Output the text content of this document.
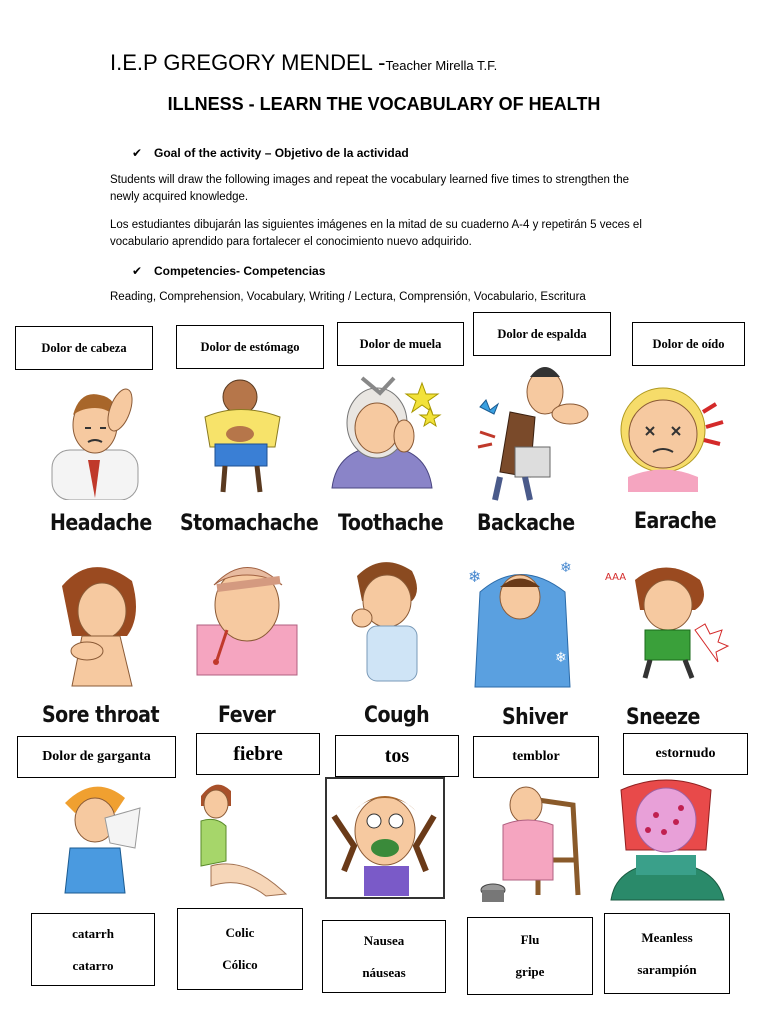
I.E.P GREGORY MENDEL -Teacher Mirella T.F.
ILLNESS - LEARN THE VOCABULARY OF HEALTH
✔ Goal of the activity – Objetivo de la actividad
Students will draw the following images and repeat the vocabulary learned five times to strengthen the newly acquired knowledge.
Los estudiantes dibujarán las siguientes imágenes en la mitad de su cuaderno A-4 y repetirán 5 veces el vocabulario aprendido para fortalecer el conocimiento nuevo adquirido.
✔ Competencies- Competencias
Reading, Comprehension, Vocabulary, Writing / Lectura, Comprensión, Vocabulario, Escritura
Dolor de cabeza	Dolor de estómago	Dolor de muela
Dolor de espalda
Dolor de oído
Headache Stomachache Toothache Backache	Earache
❄	❄
❄
AAA
Sore throat	Fever	Cough	Shiver	Sneeze
Dolor de garganta	fiebre	tos	temblor	estornudo
catarrh
catarro
Colic
Cólico
Nausea
náuseas
Flu
gripe
Meanless
sarampión
